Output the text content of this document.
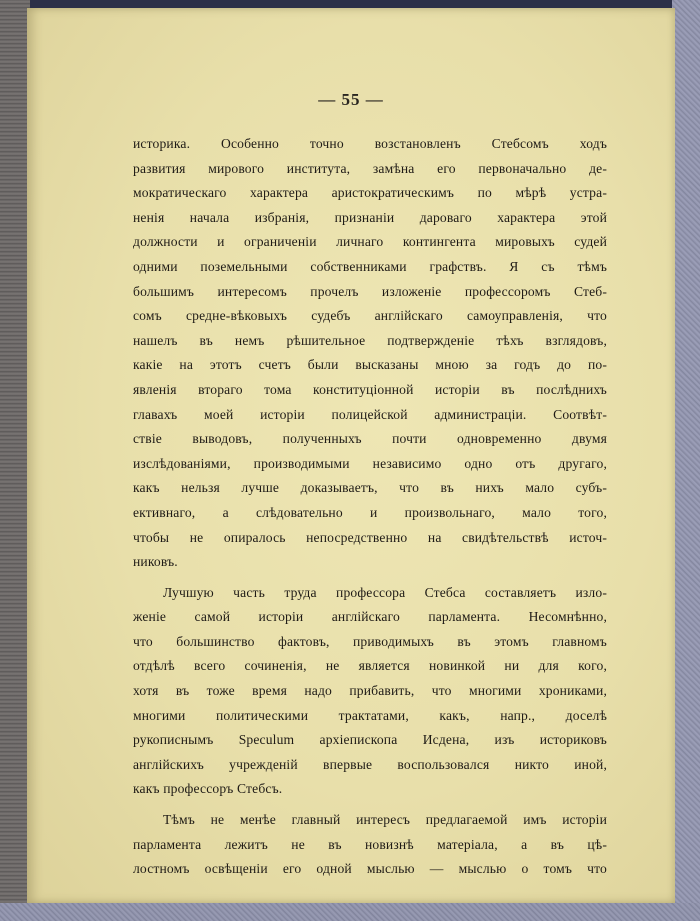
— 55 —
историка. Особенно точно возстановленъ Стебсомъ ходъ
развития мирового института, замѣна его первоначально де-
мократическаго характера аристократическимъ по мѣрѣ устра-
ненія начала избранія, признаніи дароваго характера этой
должности и ограниченіи личнаго контингента мировыхъ судей
одними поземельными собственниками графствъ. Я съ тѣмъ
большимъ интересомъ прочелъ изложеніе профессоромъ Стеб-
сомъ средне-вѣковыхъ судебъ англійскаго самоуправленія, что
нашелъ въ немъ рѣшительное подтвержденіе тѣхъ взглядовъ,
какіе на этотъ счетъ были высказаны мною за годъ до по-
явленія втораго тома конституціонной исторіи въ послѣднихъ
главахъ моей исторіи полицейской администраціи. Соотвѣт-
ствіе выводовъ, полученныхъ почти одновременно двумя
изслѣдованіями, производимыми независимо одно отъ другаго,
какъ нельзя лучше доказываетъ, что въ нихъ мало субъ-
ективнаго, а слѣдовательно и произвольнаго, мало того,
чтобы не опиралось непосредственно на свидѣтельствѣ источ-
никовъ.
Лучшую часть труда профессора Стебса составляетъ изло-
женіе самой исторіи англійскаго парламента. Несомнѣнно,
что большинство фактовъ, приводимыхъ въ этомъ главномъ
отдѣлѣ всего сочиненія, не является новинкой ни для кого,
хотя въ тоже время надо прибавить, что многими хрониками,
многими политическими трактатами, какъ, напр., доселѣ
рукописнымъ Speculum архіепископа Исдена, изъ историковъ
англійскихъ учрежденій впервые воспользовался никто иной,
какъ профессоръ Стебсъ.
Тѣмъ не менѣе главный интересъ предлагаемой имъ исторіи
парламента лежитъ не въ новизнѣ матеріала, а въ цѣ-
лостномъ освѣщеніи его одной мыслью — мыслью о томъ что
